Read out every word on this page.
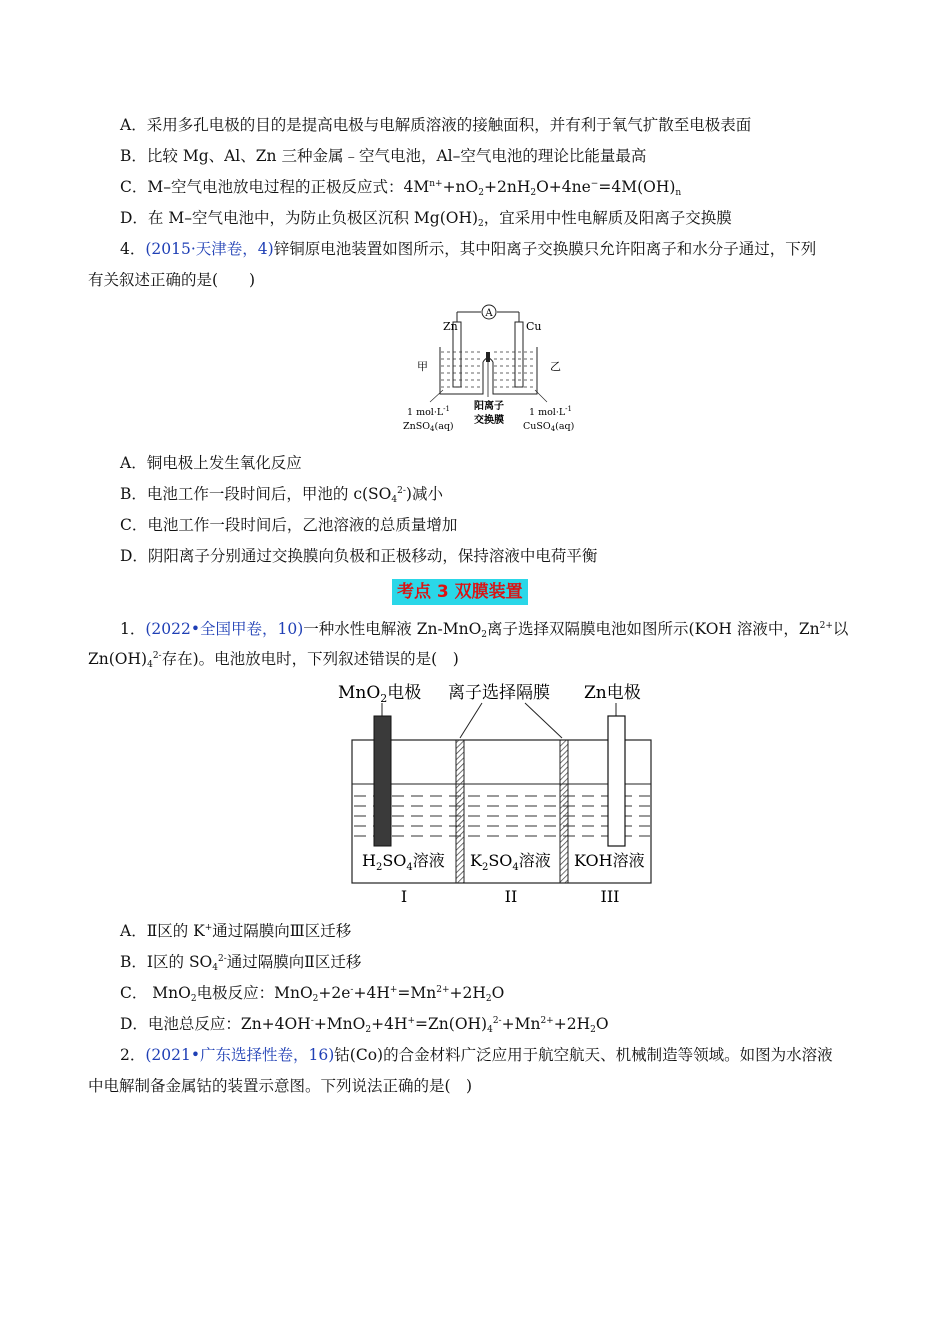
A．采用多孔电极的目的是提高电极与电解质溶液的接触面积，并有利于氧气扩散至电极表面
B．比较 Mg、Al、Zn 三种金属﹣空气电池，Al–空气电池的理论比能量最高
C．M–空气电池放电过程的正极反应式：$4M^{n+}+nO_2+2nH_2O+4ne^-=4M(OH)_n$
D．在 M–空气电池中，为防止负极区沉积 $Mg(OH)_2$，宜采用中性电解质及阳离子交换膜
4．(2015·天津卷，4)锌铜原电池装置如图所示，其中阳离子交换膜只允许阳离子和水分子通过，下列
有关叙述正确的是(　　)
A
Zn	Cu
甲	乙
1 $mol\cdot L^{-1}$
ZnSO$_4$(aq)
阳离子
交换膜
1 $mol\cdot L^{-1}$
CuSO$_4$(aq)
A．铜电极上发生氧化反应
B．电池工作一段时间后，甲池的 $c(SO_4^{2-})$减小
C．电池工作一段时间后，乙池溶液的总质量增加
D．阴阳离子分别通过交换膜向负极和正极移动，保持溶液中电荷平衡
考点 3 双膜装置
1．(2022•全国甲卷，10)一种水性电解液 Zn-MnO$_2$离子选择双隔膜电池如图所示(KOH 溶液中，$Zn^{2+}$以
$Zn(OH)_4^{2-}$存在)。电池放电时，下列叙述错误的是(　)
MnO$_2$电极 离子选择隔膜 Zn电极
$H_2SO_4$溶液 $K_2SO_4$溶液 KOH溶液
I	II	III
A．Ⅱ区的 K+通过隔膜向Ⅲ区迁移
B．Ⅰ区的 $SO_4^{2-}$通过隔膜向Ⅱ区迁移
C． MnO$_2$电极反应：$MnO_2+2e^-+4H^+=Mn^{2+}+2H_2O$
D．电池总反应：$Zn+4OH^-+MnO_2+4H^+=Zn(OH)_4^{2-}+Mn^{2+}+2H_2O$
2．(2021•广东选择性卷，16)钴(Co)的合金材料广泛应用于航空航天、机械制造等领域。如图为水溶液
中电解制备金属钴的装置示意图。下列说法正确的是(　)
